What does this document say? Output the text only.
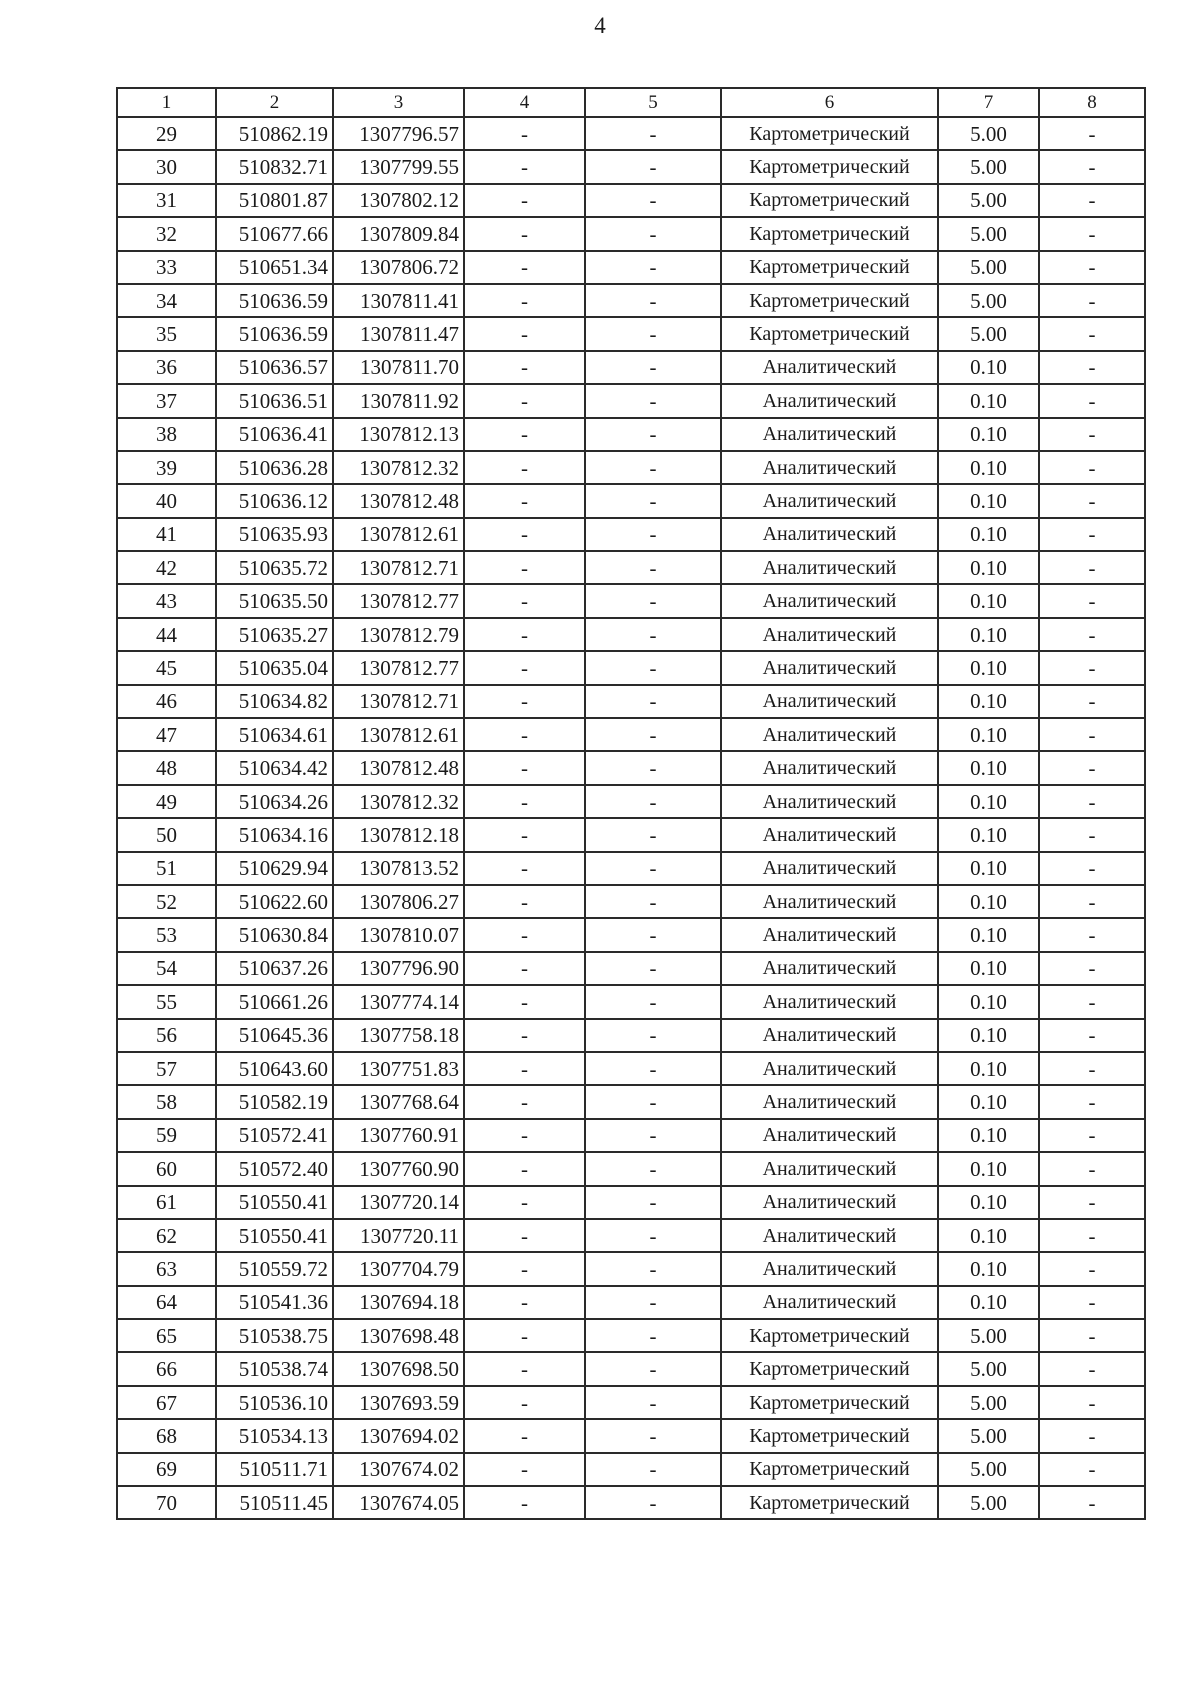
4
1	2	3	4	5	6	7	8
29	510862.19	1307796.57	-	-	Картометрический	5.00	-
30	510832.71	1307799.55	-	-	Картометрический	5.00	-
31	510801.87	1307802.12	-	-	Картометрический	5.00	-
32	510677.66	1307809.84	-	-	Картометрический	5.00	-
33	510651.34	1307806.72	-	-	Картометрический	5.00	-
34	510636.59	1307811.41	-	-	Картометрический	5.00	-
35	510636.59	1307811.47	-	-	Картометрический	5.00	-
36	510636.57	1307811.70	-	-	Аналитический	0.10	-
37	510636.51	1307811.92	-	-	Аналитический	0.10	-
38	510636.41	1307812.13	-	-	Аналитический	0.10	-
39	510636.28	1307812.32	-	-	Аналитический	0.10	-
40	510636.12	1307812.48	-	-	Аналитический	0.10	-
41	510635.93	1307812.61	-	-	Аналитический	0.10	-
42	510635.72	1307812.71	-	-	Аналитический	0.10	-
43	510635.50	1307812.77	-	-	Аналитический	0.10	-
44	510635.27	1307812.79	-	-	Аналитический	0.10	-
45	510635.04	1307812.77	-	-	Аналитический	0.10	-
46	510634.82	1307812.71	-	-	Аналитический	0.10	-
47	510634.61	1307812.61	-	-	Аналитический	0.10	-
48	510634.42	1307812.48	-	-	Аналитический	0.10	-
49	510634.26	1307812.32	-	-	Аналитический	0.10	-
50	510634.16	1307812.18	-	-	Аналитический	0.10	-
51	510629.94	1307813.52	-	-	Аналитический	0.10	-
52	510622.60	1307806.27	-	-	Аналитический	0.10	-
53	510630.84	1307810.07	-	-	Аналитический	0.10	-
54	510637.26	1307796.90	-	-	Аналитический	0.10	-
55	510661.26	1307774.14	-	-	Аналитический	0.10	-
56	510645.36	1307758.18	-	-	Аналитический	0.10	-
57	510643.60	1307751.83	-	-	Аналитический	0.10	-
58	510582.19	1307768.64	-	-	Аналитический	0.10	-
59	510572.41	1307760.91	-	-	Аналитический	0.10	-
60	510572.40	1307760.90	-	-	Аналитический	0.10	-
61	510550.41	1307720.14	-	-	Аналитический	0.10	-
62	510550.41	1307720.11	-	-	Аналитический	0.10	-
63	510559.72	1307704.79	-	-	Аналитический	0.10	-
64	510541.36	1307694.18	-	-	Аналитический	0.10	-
65	510538.75	1307698.48	-	-	Картометрический	5.00	-
66	510538.74	1307698.50	-	-	Картометрический	5.00	-
67	510536.10	1307693.59	-	-	Картометрический	5.00	-
68	510534.13	1307694.02	-	-	Картометрический	5.00	-
69	510511.71	1307674.02	-	-	Картометрический	5.00	-
70	510511.45	1307674.05	-	-	Картометрический	5.00	-
